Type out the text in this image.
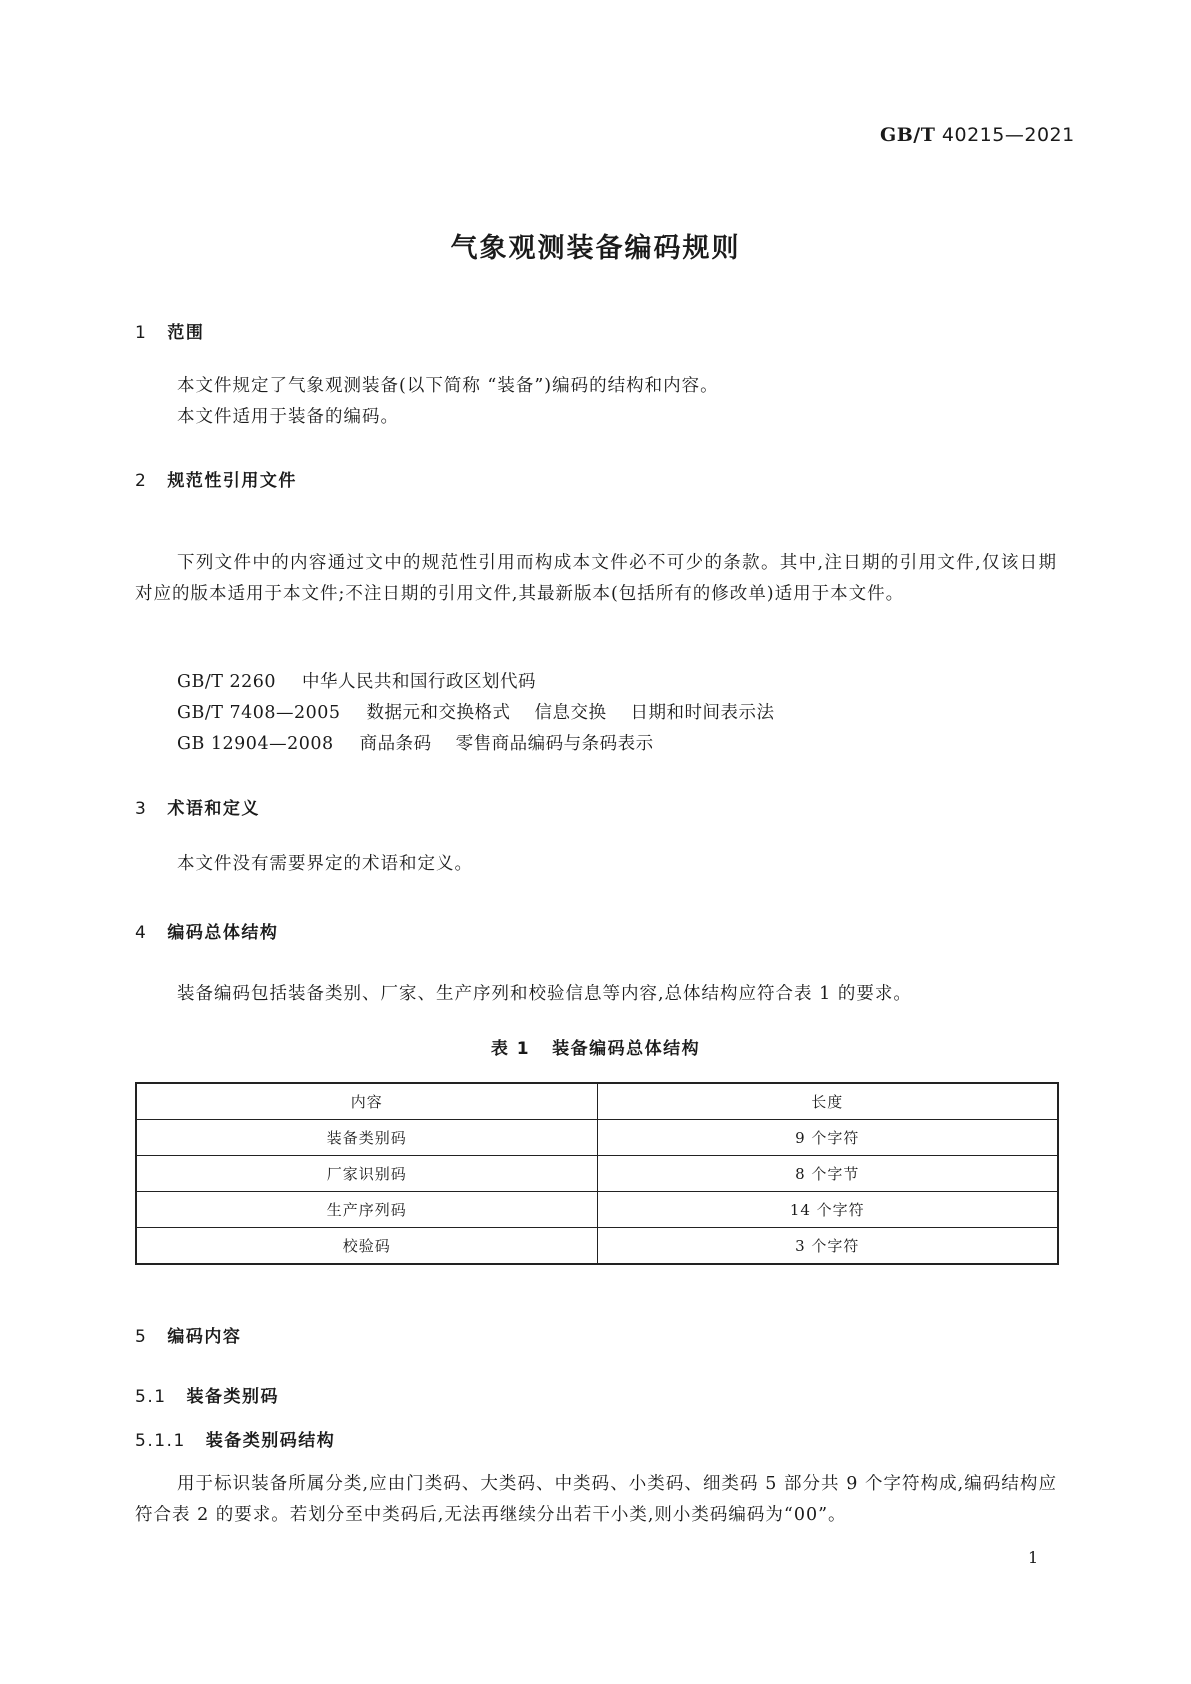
GB/T 40215—2021
气象观测装备编码规则
1 范围
本文件规定了气象观测装备(以下简称 “装备”)编码的结构和内容。
本文件适用于装备的编码。
2 规范性引用文件
下列文件中的内容通过文中的规范性引用而构成本文件必不可少的条款。其中,注日期的引用文件,仅该日期对应的版本适用于本文件;不注日期的引用文件,其最新版本(包括所有的修改单)适用于本文件。
GB/T 2260 中华人民共和国行政区划代码
GB/T 7408—2005 数据元和交换格式 信息交换 日期和时间表示法
GB 12904—2008 商品条码 零售商品编码与条码表示
3 术语和定义
本文件没有需要界定的术语和定义。
4 编码总体结构
装备编码包括装备类别、厂家、生产序列和校验信息等内容,总体结构应符合表 1 的要求。
表 1 装备编码总体结构
内容	长度
装备类别码	9 个字符
厂家识别码	8 个字节
生产序列码	14 个字符
校验码	3 个字符
5 编码内容
5.1 装备类别码
5.1.1 装备类别码结构
用于标识装备所属分类,应由门类码、大类码、中类码、小类码、细类码 5 部分共 9 个字符构成,编码结构应符合表 2 的要求。若划分至中类码后,无法再继续分出若干小类,则小类码编码为“00”。
1
